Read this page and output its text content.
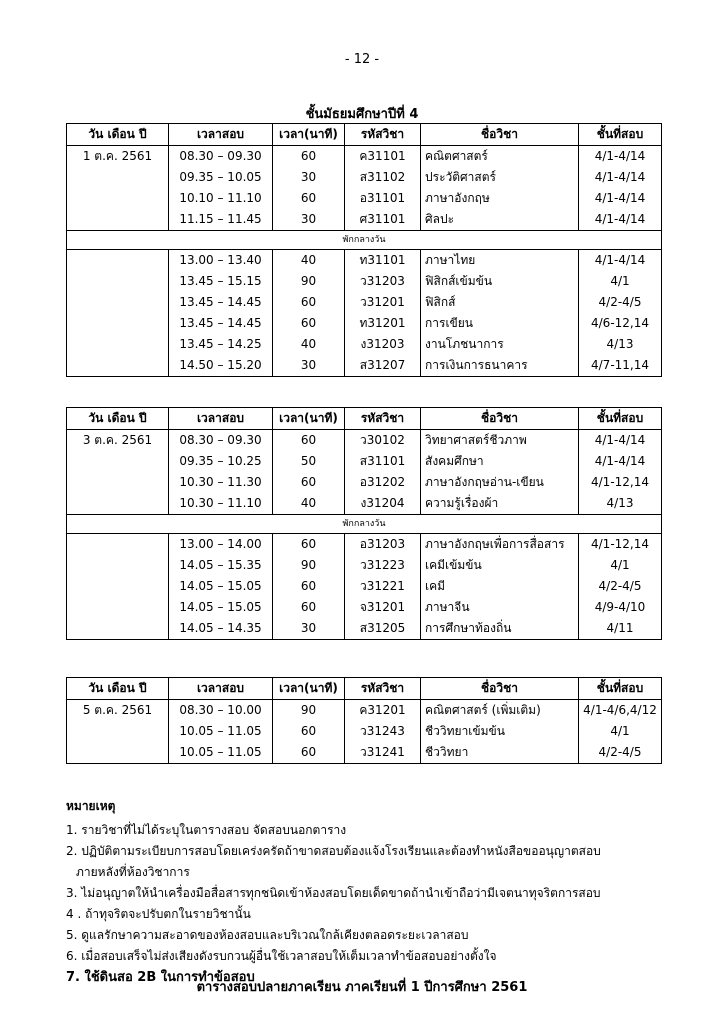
- 12 -
ชั้นมัธยมศึกษาปีที่ 4
วัน เดือน ปี	เวลาสอบ	เวลา(นาที)	รหัสวิชา	ชื่อวิชา	ชั้นที่สอบ
1 ต.ค. 2561	08.30 – 09.30	60	ค31101	คณิตศาสตร์	4/1-4/14
	09.35 – 10.05	30	ส31102	ประวัติศาสตร์	4/1-4/14
	10.10 – 11.10	60	อ31101	ภาษาอังกฤษ	4/1-4/14
	11.15 – 11.45	30	ศ31101	ศิลปะ	4/1-4/14
พักกลางวัน					
	13.00 – 13.40	40	ท31101	ภาษาไทย	4/1-4/14
	13.45 – 15.15	90	ว31203	ฟิสิกส์เข้มข้น	4/1
	13.45 – 14.45	60	ว31201	ฟิสิกส์	4/2-4/5
	13.45 – 14.45	60	ท31201	การเขียน	4/6-12,14
	13.45 – 14.25	40	ง31203	งานโภชนาการ	4/13
	14.50 – 15.20	30	ส31207	การเงินการธนาคาร	4/7-11,14
วัน เดือน ปี	เวลาสอบ	เวลา(นาที)	รหัสวิชา	ชื่อวิชา	ชั้นที่สอบ
3 ต.ค. 2561	08.30 – 09.30	60	ว30102	วิทยาศาสตร์ชีวภาพ	4/1-4/14
	09.35 – 10.25	50	ส31101	สังคมศึกษา	4/1-4/14
	10.30 – 11.30	60	อ31202	ภาษาอังกฤษอ่าน-เขียน	4/1-12,14
	10.30 – 11.10	40	ง31204	ความรู้เรื่องผ้า	4/13
พักกลางวัน					
	13.00 – 14.00	60	อ31203	ภาษาอังกฤษเพื่อการสื่อสาร	4/1-12,14
	14.05 – 15.35	90	ว31223	เคมีเข้มข้น	4/1
	14.05 – 15.05	60	ว31221	เคมี	4/2-4/5
	14.05 – 15.05	60	จ31201	ภาษาจีน	4/9-4/10
	14.05 – 14.35	30	ส31205	การศึกษาท้องถิ่น	4/11
วัน เดือน ปี	เวลาสอบ	เวลา(นาที)	รหัสวิชา	ชื่อวิชา	ชั้นที่สอบ
5 ต.ค. 2561	08.30 – 10.00	90	ค31201	คณิตศาสตร์ (เพิ่มเติม)	4/1-4/6,4/12
	10.05 – 11.05	60	ว31243	ชีววิทยาเข้มข้น	4/1
	10.05 – 11.05	60	ว31241	ชีววิทยา	4/2-4/5
หมายเหตุ
1. รายวิชาที่ไม่ได้ระบุในตารางสอบ จัดสอบนอกตาราง
2. ปฏิบัติตามระเบียบการสอบโดยเคร่งครัดถ้าขาดสอบต้องแจ้งโรงเรียนและต้องทำหนังสือขออนุญาตสอบ
ภายหลังที่ห้องวิชาการ
3. ไม่อนุญาตให้นำเครื่องมือสื่อสารทุกชนิดเข้าห้องสอบโดยเด็ดขาดถ้านำเข้าถือว่ามีเจตนาทุจริตการสอบ
4 . ถ้าทุจริตจะปรับตกในรายวิชานั้น
5. ดูแลรักษาความสะอาดของห้องสอบและบริเวณใกล้เคียงตลอดระยะเวลาสอบ
6. เมื่อสอบเสร็จไม่ส่งเสียงดังรบกวนผู้อื่นใช้เวลาสอบให้เต็มเวลาทำข้อสอบอย่างตั้งใจ
7. ใช้ดินสอ 2B ในการทำข้อสอบ
ตารางสอบปลายภาคเรียน ภาคเรียนที่ 1 ปีการศึกษา 2561
